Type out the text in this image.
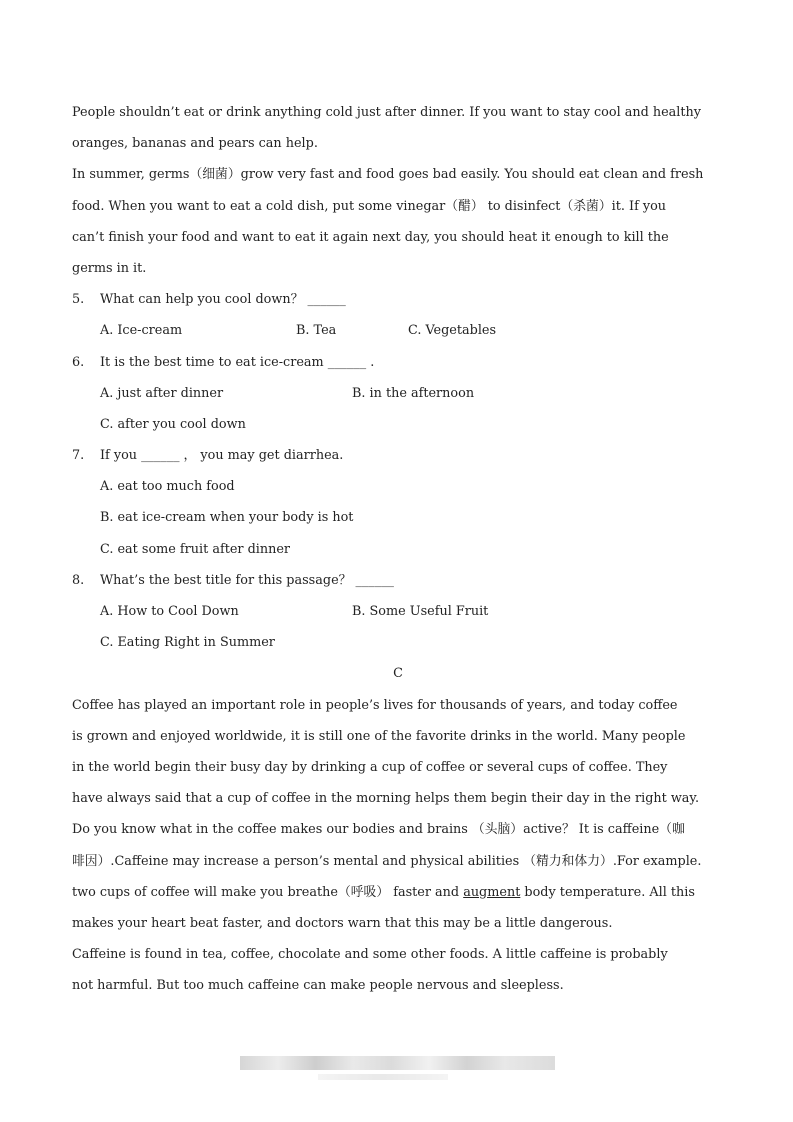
People shouldn’t eat or drink anything cold just after dinner. If you want to stay cool and healthy
oranges, bananas and pears can help.
In summer, germs（细菌）grow very fast and food goes bad easily. You should eat clean and fresh
food. When you want to eat a cold dish, put some vinegar（醋） to disinfect（杀菌）it. If you
can’t finish your food and want to eat it again next day, you should heat it enough to kill the
germs in it.
5.	What can help you cool down？ ______
A. Ice-cream	B. Tea	C. Vegetables
6.	It is the best time to eat ice-cream ______ .
A. just after dinner	B. in the afternoon
C. after you cool down
7.	If you ______ ， you may get diarrhea.
A. eat too much food
B. eat ice-cream when your body is hot
C. eat some fruit after dinner
8.	What’s the best title for this passage？ ______
A. How to Cool Down	B. Some Useful Fruit
C. Eating Right in Summer
C
Coffee has played an important role in people’s lives for thousands of years, and today coffee
is grown and enjoyed worldwide, it is still one of the favorite drinks in the world. Many people
in the world begin their busy day by drinking a cup of coffee or several cups of coffee. They
have always said that a cup of coffee in the morning helps them begin their day in the right way.
Do you know what in the coffee makes our bodies and brains （头脑）active？ It is caffeine（咖
啡因）.Caffeine may increase a person’s mental and physical abilities （精力和体力）.For example.
two cups of coffee will make you breathe（呼吸） faster and augment body temperature. All this
makes your heart beat faster, and doctors warn that this may be a little dangerous.
Caffeine is found in tea, coffee, chocolate and some other foods. A little caffeine is probably
not harmful. But too much caffeine can make people nervous and sleepless.
